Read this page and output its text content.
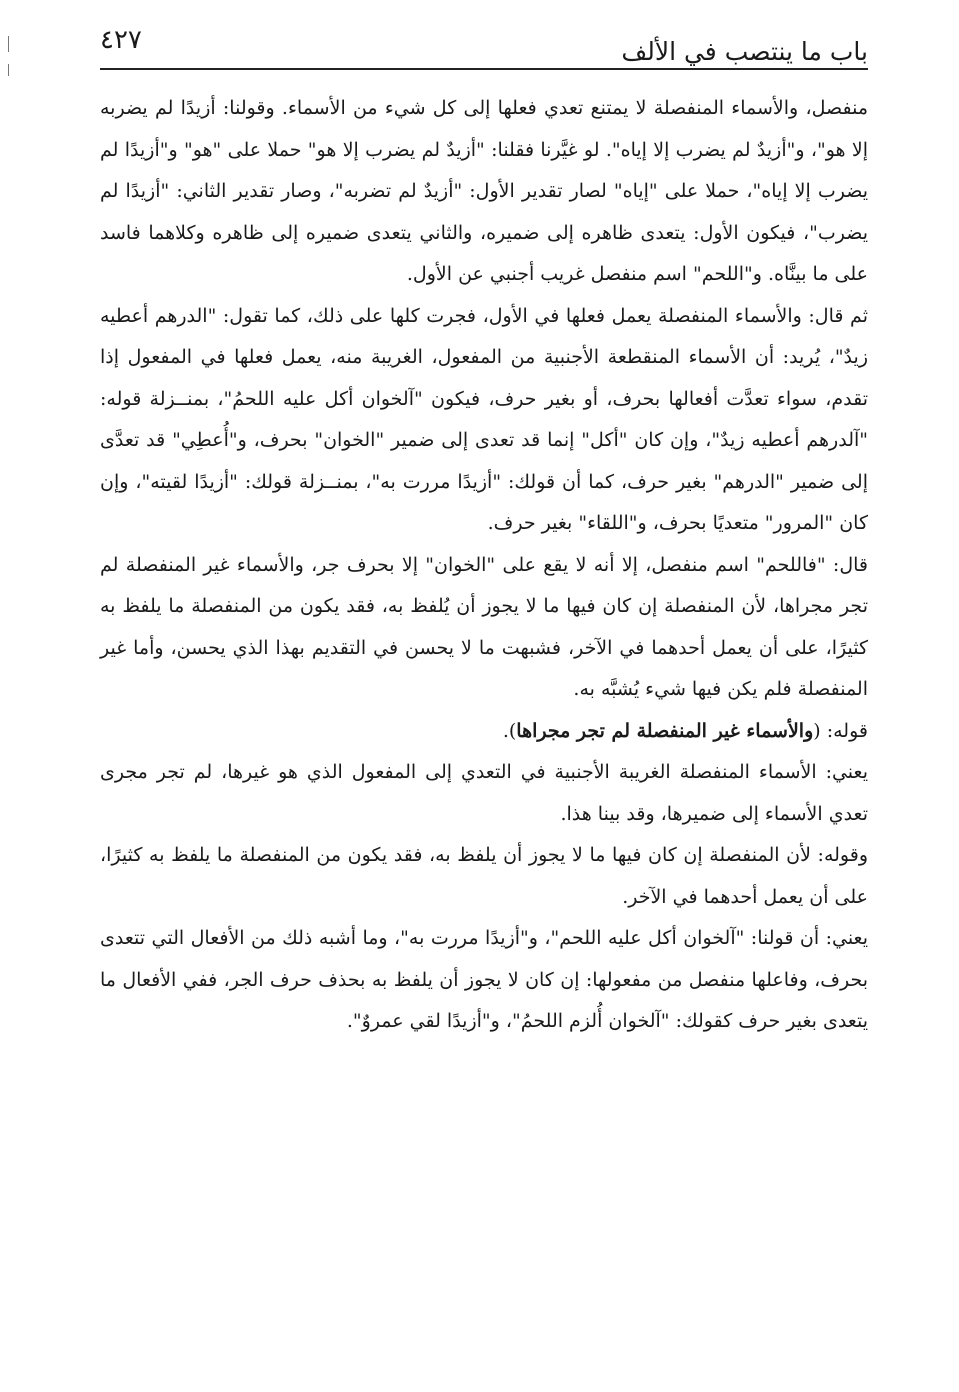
٤٢٧	باب ما ينتصب في الألف

منفصل، والأسماء المنفصلة لا يمتنع تعدي فعلها إلى كل شيء من الأسماء. وقولنا: أزيدًا لم يضربه إلا هو"، و"أزيدٌ لم يضرب إلا إياه". لو غيَّرنا فقلنا: "أزيدٌ لم يضرب إلا هو" حملا على "هو" و"أزيدًا لم يضرب إلا إياه"، حملا على "إياه" لصار تقدير الأول: "أزيدٌ لم تضربه"، وصار تقدير الثاني: "أزيدًا لم يضرب"، فيكون الأول: يتعدى ظاهره إلى ضميره، والثاني يتعدى ضميره إلى ظاهره وكلاهما فاسد على ما بينَّاه. و"اللحم" اسم منفصل غريب أجنبي عن الأول.

ثم قال: والأسماء المنفصلة يعمل فعلها في الأول، فجرت كلها على ذلك، كما تقول: "الدرهم أعطيه زيدٌ"، يُريد: أن الأسماء المنقطعة الأجنبية من المفعول، الغريبة منه، يعمل فعلها في المفعول إذا تقدم، سواء تعدَّت أفعالها بحرف، أو بغير حرف، فيكون "آلخوان أكل عليه اللحمُ"، بمنــزلة قوله: "آلدرهم أعطيه زيدٌ"، وإن كان "أكل" إنما قد تعدى إلى ضمير "الخوان" بحرف، و"أُعطِي" قد تعدَّى إلى ضمير "الدرهم" بغير حرف، كما أن قولك: "أزيدًا مررت به"، بمنــزلة قولك: "أزيدًا لقيته"، وإن كان "المرور" متعديًا بحرف، و"اللقاء" بغير حرف.

قال: "فاللحم" اسم منفصل، إلا أنه لا يقع على "الخوان" إلا بحرف جر، والأسماء غير المنفصلة لم تجر مجراها، لأن المنفصلة إن كان فيها ما لا يجوز أن يُلفظ به، فقد يكون من المنفصلة ما يلفظ به كثيرًا، على أن يعمل أحدهما في الآخر، فشبهت ما لا يحسن في التقديم بهذا الذي يحسن، وأما غير المنفصلة فلم يكن فيها شيء يُشبَّه به.

قوله: (والأسماء غير المنفصلة لم تجر مجراها).

يعني: الأسماء المنفصلة الغريبة الأجنبية في التعدي إلى المفعول الذي هو غيرها، لم تجر مجرى تعدي الأسماء إلى ضميرها، وقد بينا هذا.

وقوله: لأن المنفصلة إن كان فيها ما لا يجوز أن يلفظ به، فقد يكون من المنفصلة ما يلفظ به كثيرًا، على أن يعمل أحدهما في الآخر.

يعني: أن قولنا: "آلخوان أكل عليه اللحم"، و"أزيدًا مررت به"، وما أشبه ذلك من الأفعال التي تتعدى بحرف، وفاعلها منفصل من مفعولها: إن كان لا يجوز أن يلفظ به بحذف حرف الجر، ففي الأفعال ما يتعدى بغير حرف كقولك: "آلخوان أُلزم اللحمُ"، و"أزيدًا لقي عمروٌ".
